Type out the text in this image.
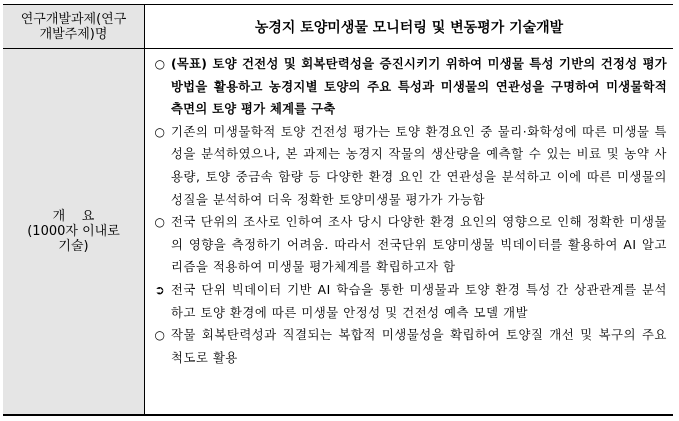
연구개발과제(연구 개발주제)명	농경지 토양미생물 모니터링 및 변동평가 기술개발
개    요
(1000자 이내로
기술)
○ (목표) 토양 건전성 및 회복탄력성을 증진시키기 위하여 미생물 특성 기반의 건정성 평가 방법을 활용하고 농경지별 토양의 주요 특성과 미생물의 연관성을 구명하여 미생물학적 측면의 토양 평가 체계를 구축
○ 기존의 미생물학적 토양 건전성 평가는 토양 환경요인 중 물리·화학성에 따른 미생물 특성을 분석하였으나, 본 과제는 농경지 작물의 생산량을 예측할 수 있는 비료 및 농약 사용량, 토양 중금속 함량 등 다양한 환경 요인 간 연관성을 분석하고 이에 따른 미생물의 성질을 분석하여 더욱 정확한 토양미생물 평가가 가능함
○ 전국 단위의 조사로 인하여 조사 당시 다양한 환경 요인의 영향으로 인해 정확한 미생물의 영향을 측정하기 어려움. 따라서 전국단위 토양미생물 빅데이터를 활용하여 AI 알고리즘을 적용하여 미생물 평가체계를 확립하고자 함
➲ 전국 단위 빅데이터 기반 AI 학습을 통한 미생물과 토양 환경 특성 간 상관관계를 분석하고 토양 환경에 따른 미생물 안정성 및 건전성 예측 모델 개발
○ 작물 회복탄력성과 직결되는 복합적 미생물성을 확립하여 토양질 개선 및 복구의 주요 척도로 활용
